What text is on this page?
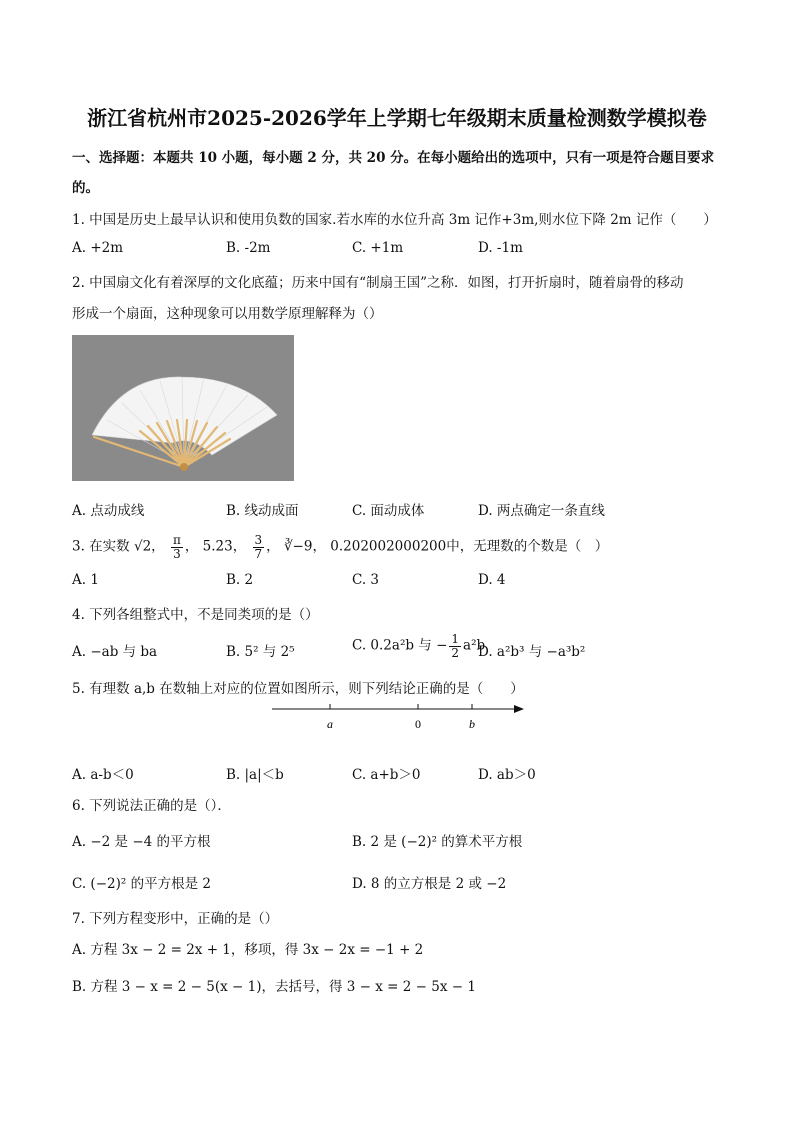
浙江省杭州市2025-2026学年上学期七年级期末质量检测数学模拟卷
一、选择题：本题共 10 小题，每小题 2 分，共 20 分。在每小题给出的选项中，只有一项是符合题目要求
的。
1. 中国是历史上最早认识和使用负数的国家.若水库的水位升高 3m 记作+3m,则水位下降 2m 记作（　　）
A. +2m	B. -2m	C. +1m	D. -1m
2. 中国扇文化有着深厚的文化底蕴；历来中国有“制扇王国”之称．如图，打开折扇时，随着扇骨的移动
形成一个扇面，这种现象可以用数学原理解释为（）
A. 点动成线	B. 线动成面	C. 面动成体	D. 两点确定一条直线
3. 在实数 √2， $\frac{\pi}{3}$ ， 5.2̇3̇， $\frac{3}{7}$ ， ∛−9， 0.202002000200中，无理数的个数是（　）
A. 1	B. 2	C. 3	D. 4
4. 下列各组整式中，不是同类项的是（）
A. −ab 与 ba	B. 5² 与 2⁵	C. 0.2a²b 与 − $\frac{1}{2} a^2b$
D. a²b³ 与 −a³b²
5. 有理数 a,b 在数轴上对应的位置如图所示，则下列结论正确的是（　　）
a	0	b
A. a-b＜0	B. |a|＜b	C. a+b＞0	D. ab＞0
6. 下列说法正确的是（）．
A. −2 是 −4 的平方根	B. 2 是 (−2)² 的算术平方根
C. (−2)² 的平方根是 2	D. 8 的立方根是 2 或 −2
7. 下列方程变形中，正确的是（）
A. 方程 3x − 2 = 2x + 1，移项，得 3x − 2x = −1 + 2
B. 方程 3 − x = 2 − 5(x − 1)，去括号，得 3 − x = 2 − 5x − 1
